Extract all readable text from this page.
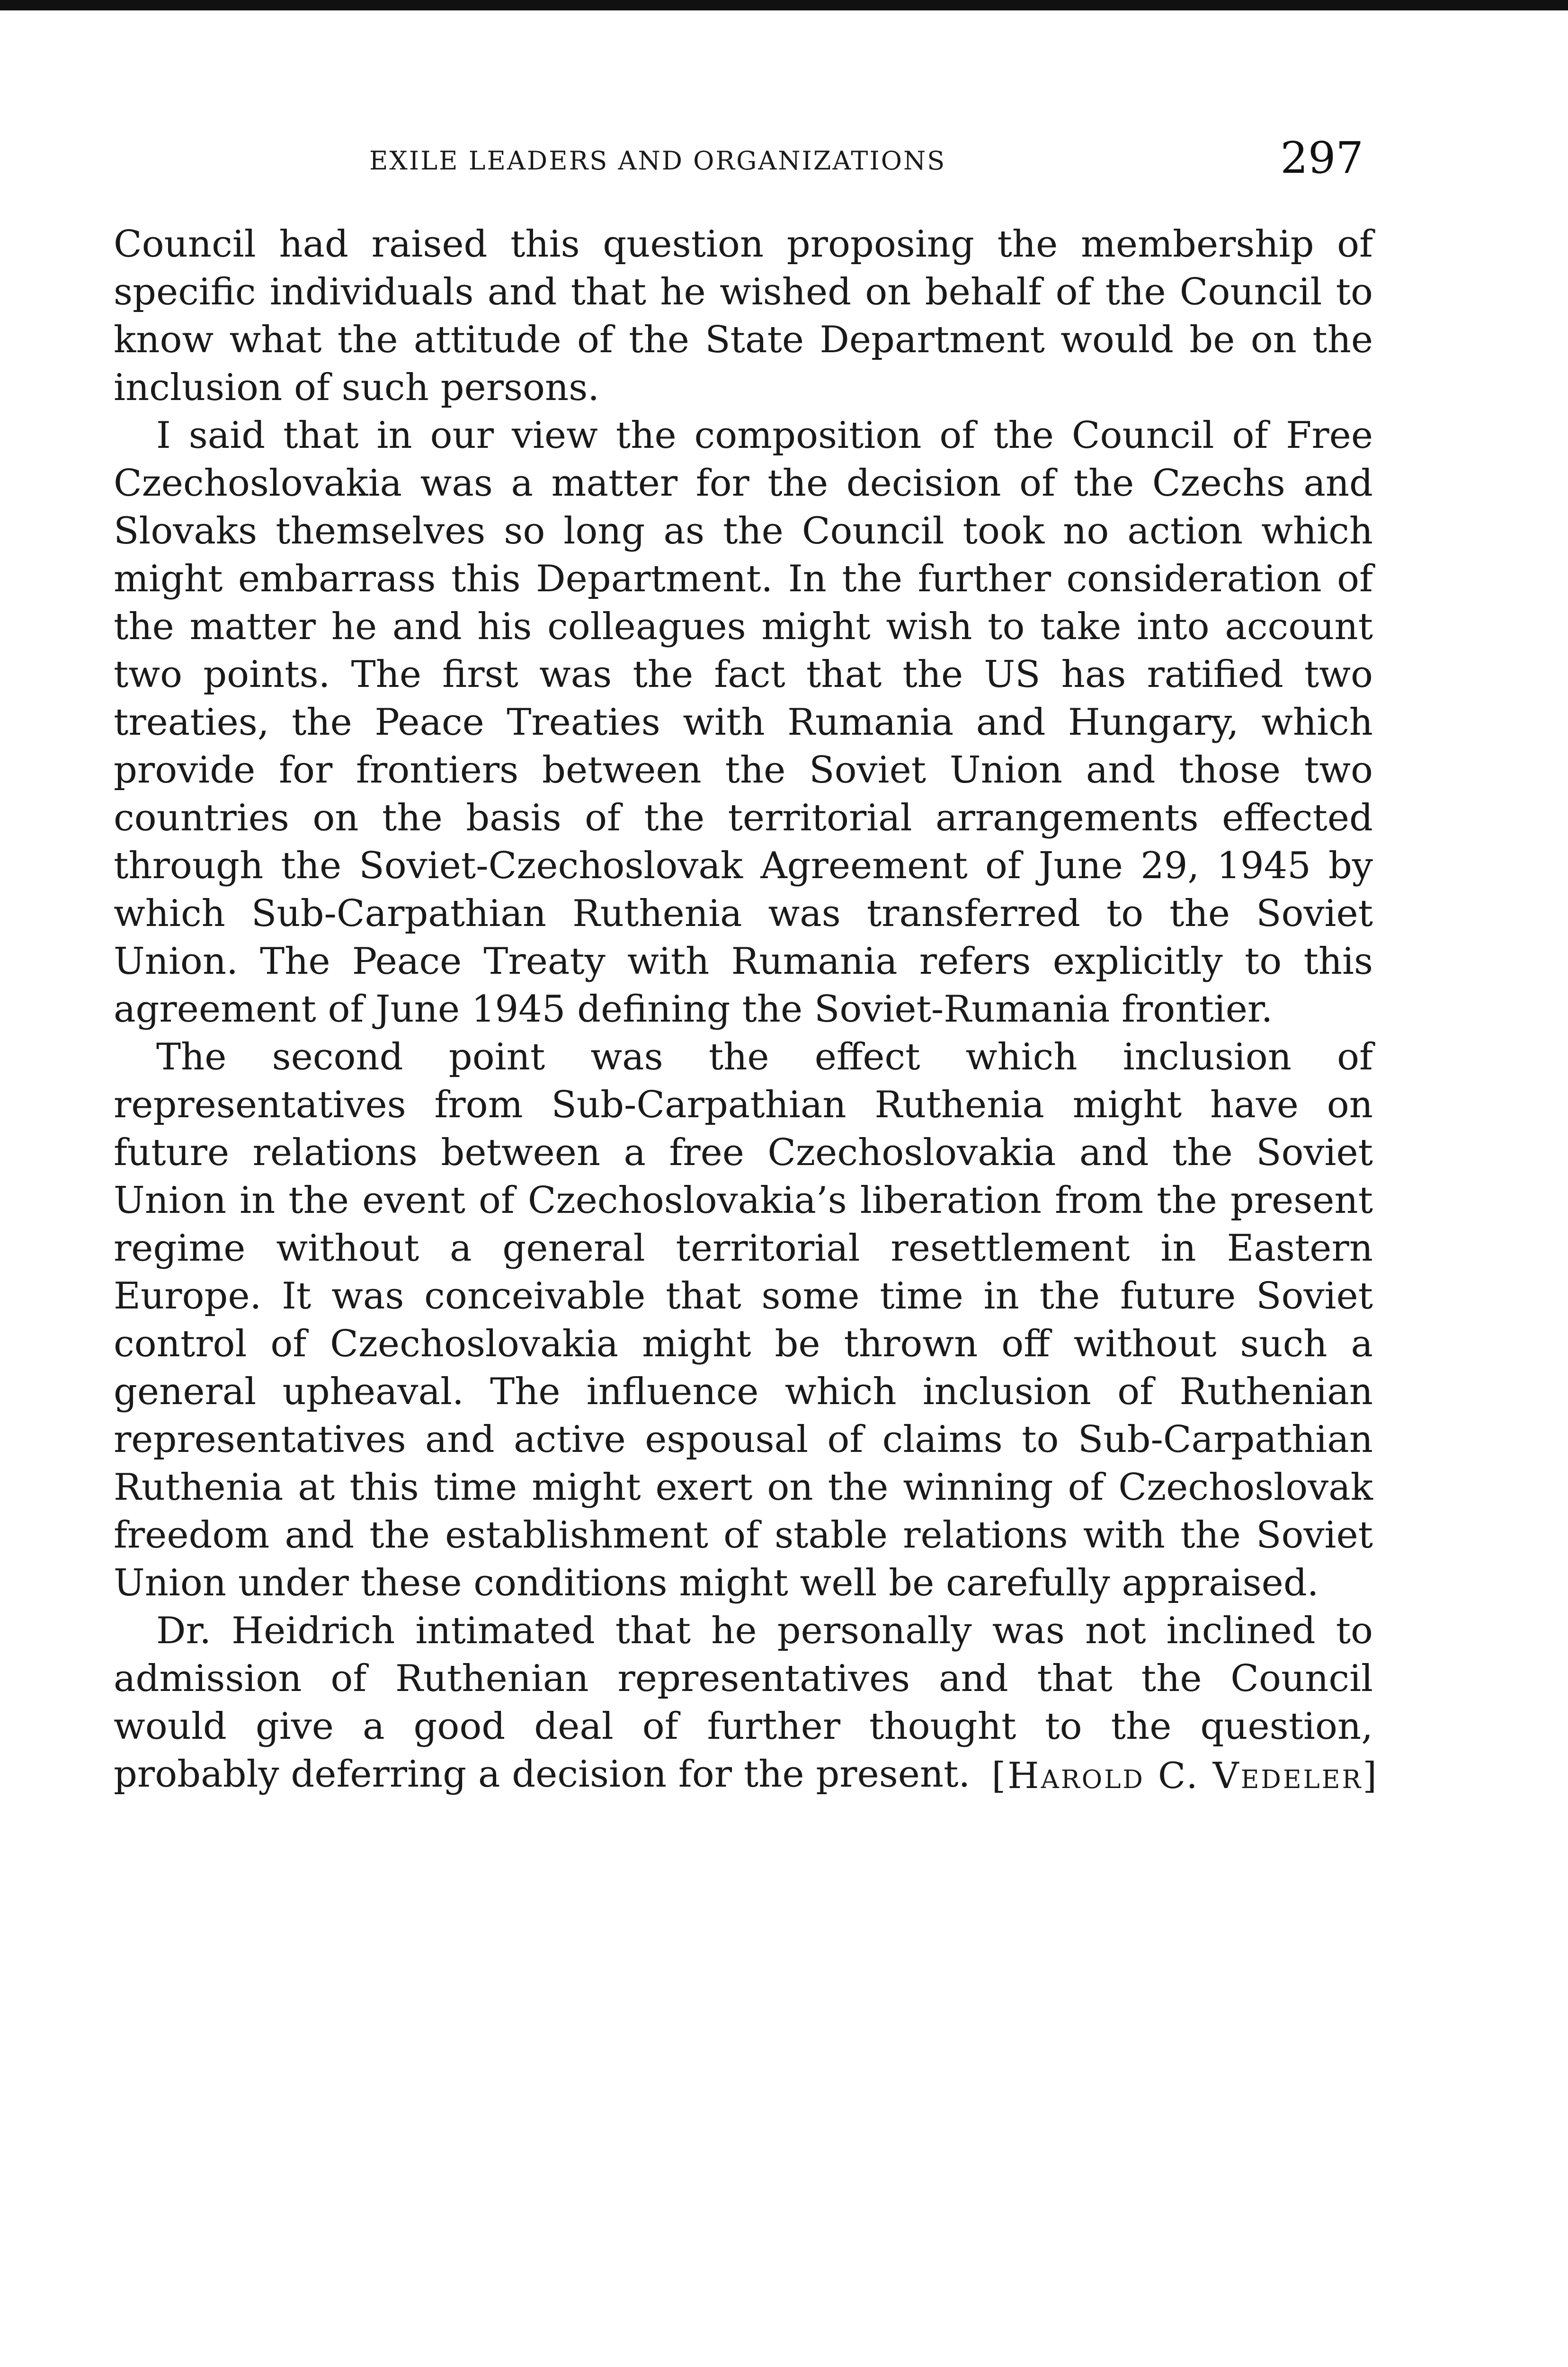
EXILE LEADERS AND ORGANIZATIONS	297

Council had raised this question proposing the membership of specific individuals and that he wished on behalf of the Council to know what the attitude of the State Department would be on the inclusion of such persons.

I said that in our view the composition of the Council of Free Czechoslovakia was a matter for the decision of the Czechs and Slovaks themselves so long as the Council took no action which might embarrass this Department. In the further consideration of the matter he and his colleagues might wish to take into account two points. The first was the fact that the US has ratified two treaties, the Peace Treaties with Rumania and Hungary, which provide for frontiers between the Soviet Union and those two countries on the basis of the territorial arrangements effected through the Soviet-Czechoslovak Agreement of June 29, 1945 by which Sub-Carpathian Ruthenia was transferred to the Soviet Union. The Peace Treaty with Rumania refers explicitly to this agreement of June 1945 defining the Soviet-Rumania frontier.

The second point was the effect which inclusion of representatives from Sub-Carpathian Ruthenia might have on future relations between a free Czechoslovakia and the Soviet Union in the event of Czechoslovakia’s liberation from the present regime without a general territorial resettlement in Eastern Europe. It was conceivable that some time in the future Soviet control of Czechoslovakia might be thrown off without such a general upheaval. The influence which inclusion of Ruthenian representatives and active espousal of claims to Sub-Carpathian Ruthenia at this time might exert on the winning of Czechoslovak freedom and the establishment of stable relations with the Soviet Union under these conditions might well be carefully appraised.

Dr. Heidrich intimated that he personally was not inclined to admission of Ruthenian representatives and that the Council would give a good deal of further thought to the question, probably deferring a decision for the present. [Harold C. Vedeler]
